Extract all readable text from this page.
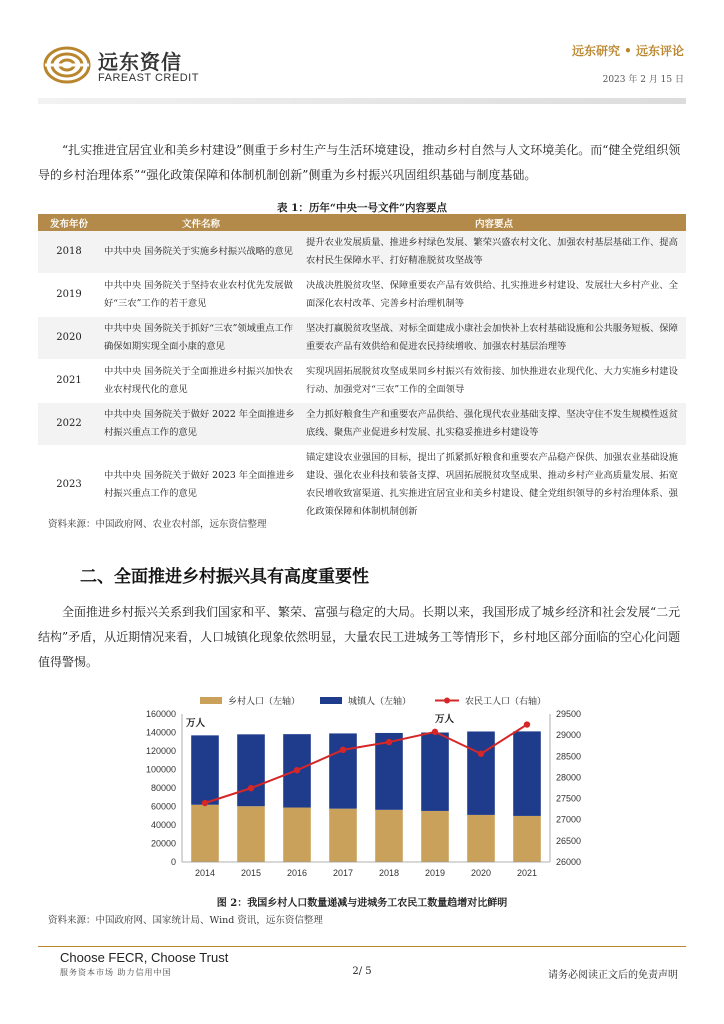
远东资信
FAREAST CREDIT
远东研究 • 远东评论
2023 年 2 月 15 日
“扎实推进宜居宜业和美乡村建设”侧重于乡村生产与生活环境建设，推动乡村自然与人文环境美化。而“健全党组织领导的乡村治理体系”“强化政策保障和体制机制创新”侧重为乡村振兴巩固组织基础与制度基础。
表 1：历年“中央一号文件”内容要点
发布年份	文件名称	内容要点
2018	中共中央 国务院关于实施乡村振兴战略的意见	提升农业发展质量、推进乡村绿色发展、繁荣兴盛农村文化、加强农村基层基础工作、提高农村民生保障水平、打好精准脱贫攻坚战等
2019	中共中央 国务院关于坚持农业农村优先发展做好“三农”工作的若干意见	决战决胜脱贫攻坚、保障重要农产品有效供给、扎实推进乡村建设、发展壮大乡村产业、全面深化农村改革、完善乡村治理机制等
2020	中共中央 国务院关于抓好“三农”领域重点工作确保如期实现全面小康的意见	坚决打赢脱贫攻坚战、对标全面建成小康社会加快补上农村基础设施和公共服务短板、保障重要农产品有效供给和促进农民持续增收、加强农村基层治理等
2021	中共中央 国务院关于全面推进乡村振兴加快农业农村现代化的意见	实现巩固拓展脱贫攻坚成果同乡村振兴有效衔接、加快推进农业现代化、大力实施乡村建设行动、加强党对“三农”工作的全面领导
2022	中共中央 国务院关于做好 2022 年全面推进乡村振兴重点工作的意见	全力抓好粮食生产和重要农产品供给、强化现代农业基础支撑、坚决守住不发生规模性返贫底线、聚焦产业促进乡村发展、扎实稳妥推进乡村建设等
2023	中共中央 国务院关于做好 2023 年全面推进乡村振兴重点工作的意见	锚定建设农业强国的目标，提出了抓紧抓好粮食和重要农产品稳产保供、加强农业基础设施建设、强化农业科技和装备支撑、巩固拓展脱贫攻坚成果、推动乡村产业高质量发展、拓宽农民增收致富渠道、扎实推进宜居宜业和美乡村建设、健全党组织领导的乡村治理体系、强化政策保障和体制机制创新
资料来源：中国政府网、农业农村部，远东资信整理
二、全面推进乡村振兴具有高度重要性
全面推进乡村振兴关系到我们国家和平、繁荣、富强与稳定的大局。长期以来，我国形成了城乡经济和社会发展“二元结构”矛盾，从近期情况来看，人口城镇化现象依然明显，大量农民工进城务工等情形下，乡村地区部分面临的空心化问题值得警惕。
乡村人口（左轴）	城镇人（左轴）	农民工人口（右轴）
0
20000
40000
60000
80000
100000
120000
140000
160000
26000
26500
27000
27500
28000
28500
29000
29500
万人	万人
2014	2015	2016	2017	2018	2019	2020	2021
图 2：我国乡村人口数量递减与进城务工农民工数量趋增对比鲜明
资料来源：中国政府网、国家统计局、Wind 资讯，远东资信整理
Choose FECR, Choose Trust
服务资本市场 助力信用中国	2/ 5	请务必阅读正文后的免责声明
